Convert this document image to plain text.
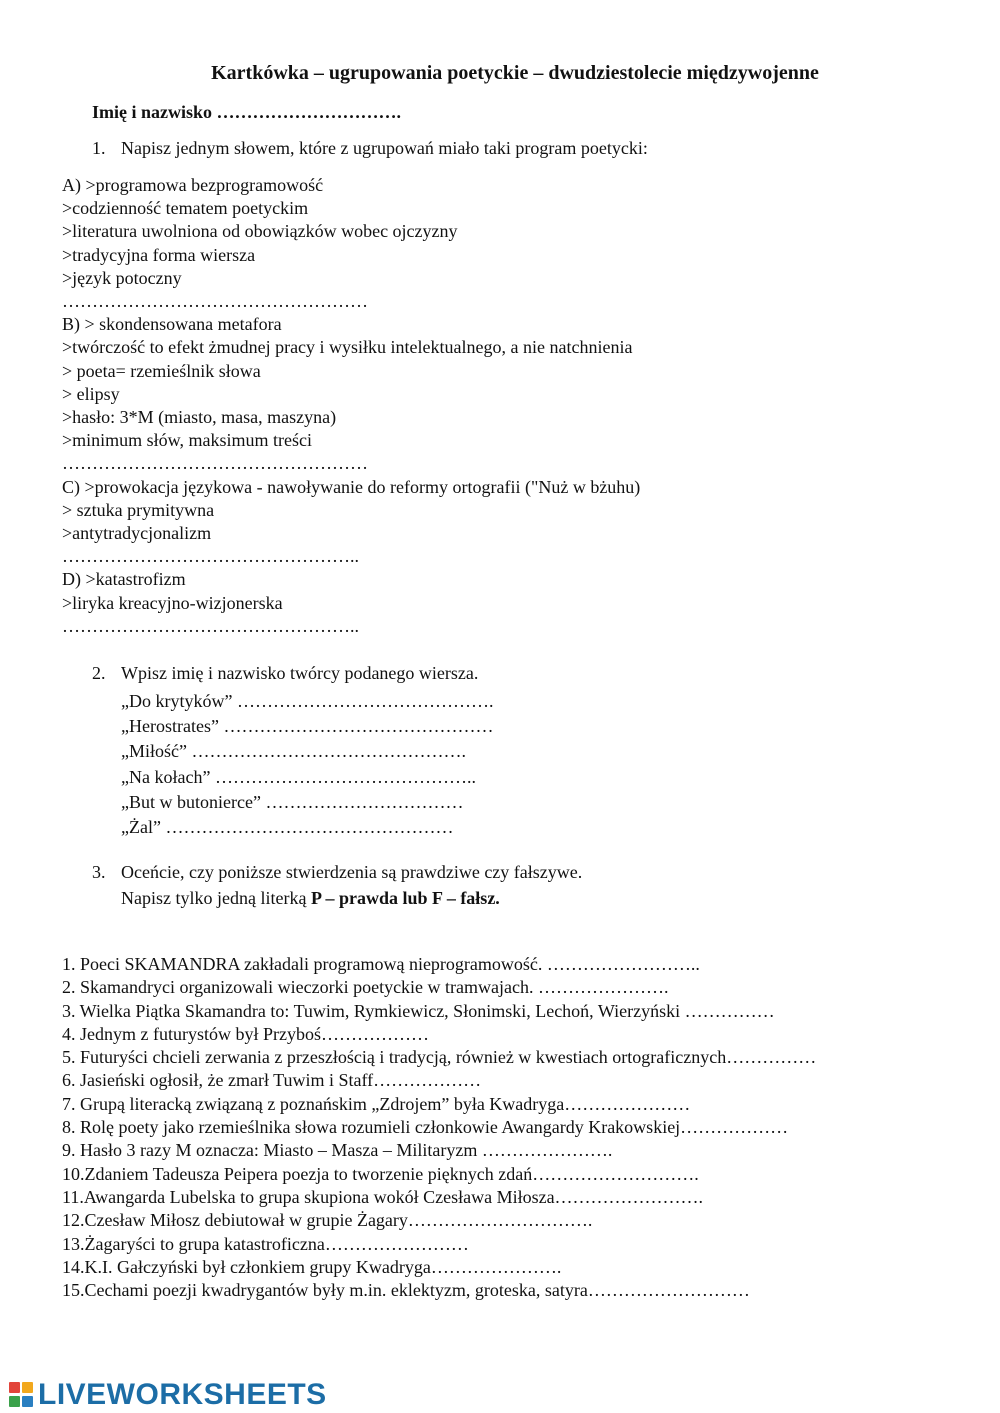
Kartkówka – ugrupowania poetyckie – dwudziestolecie międzywojenne
Imię i nazwisko ………………………….
1. Napisz jednym słowem, które z ugrupowań miało taki program poetycki:
A) >programowa bezprogramowość
>codzienność tematem poetyckim
>literatura uwolniona od obowiązków wobec ojczyzny
>tradycyjna forma wiersza
>język potoczny
……………………………………………
B) > skondensowana metafora
>twórczość to efekt żmudnej pracy i wysiłku intelektualnego, a nie natchnienia
> poeta= rzemieślnik słowa
> elipsy
>hasło: 3*M (miasto, masa, maszyna)
>minimum słów, maksimum treści
……………………………………………
C) >prowokacja językowa - nawoływanie do reformy ortografii ("Nuż w bżuhu)
> sztuka prymitywna
>antytradycjonalizm
…………………………………………..
D) >katastrofizm
>liryka kreacyjno-wizjonerska
…………………………………………..
2. Wpisz imię i nazwisko twórcy podanego wiersza.
„Do krytyków” …………………………………….
„Herostrates” ………………………………………
„Miłość” ……………………………………….
„Na kołach” ……………………………………..
„But w butonierce” ……………………………
„Żal” …………………………………………
3. Oceńcie, czy poniższe stwierdzenia są prawdziwe czy fałszywe.
Napisz tylko jedną literką P – prawda lub F – fałsz.
1. Poeci SKAMANDRA zakładali programową nieprogramowość. ……………………..
2. Skamandryci organizowali wieczorki poetyckie w tramwajach. ………………….
3. Wielka Piątka Skamandra to: Tuwim, Rymkiewicz, Słonimski, Lechoń, Wierzyński ……………
4. Jednym z futurystów był Przyboś………………
5. Futuryści chcieli zerwania z przeszłością i tradycją, również w kwestiach ortograficznych……………
6. Jasieński ogłosił, że zmarł Tuwim i Staff………………
7. Grupą literacką związaną z poznańskim „Zdrojem” była Kwadryga…………………
8. Rolę poety jako rzemieślnika słowa rozumieli członkowie Awangardy Krakowskiej………………
9. Hasło 3 razy M oznacza: Miasto – Masza – Militaryzm ………………….
10.Zdaniem Tadeusza Peipera poezja to tworzenie pięknych zdań……………………….
11.Awangarda Lubelska to grupa skupiona wokół Czesława Miłosza…………………….
12.Czesław Miłosz debiutował w grupie Żagary………………………….
13.Żagaryści to grupa katastroficzna……………………
14.K.I. Gałczyński był członkiem grupy Kwadryga………………….
15.Cechami poezji kwadrygantów były m.in. eklektyzm, groteska, satyra………………………
LIVEWORKSHEETS
